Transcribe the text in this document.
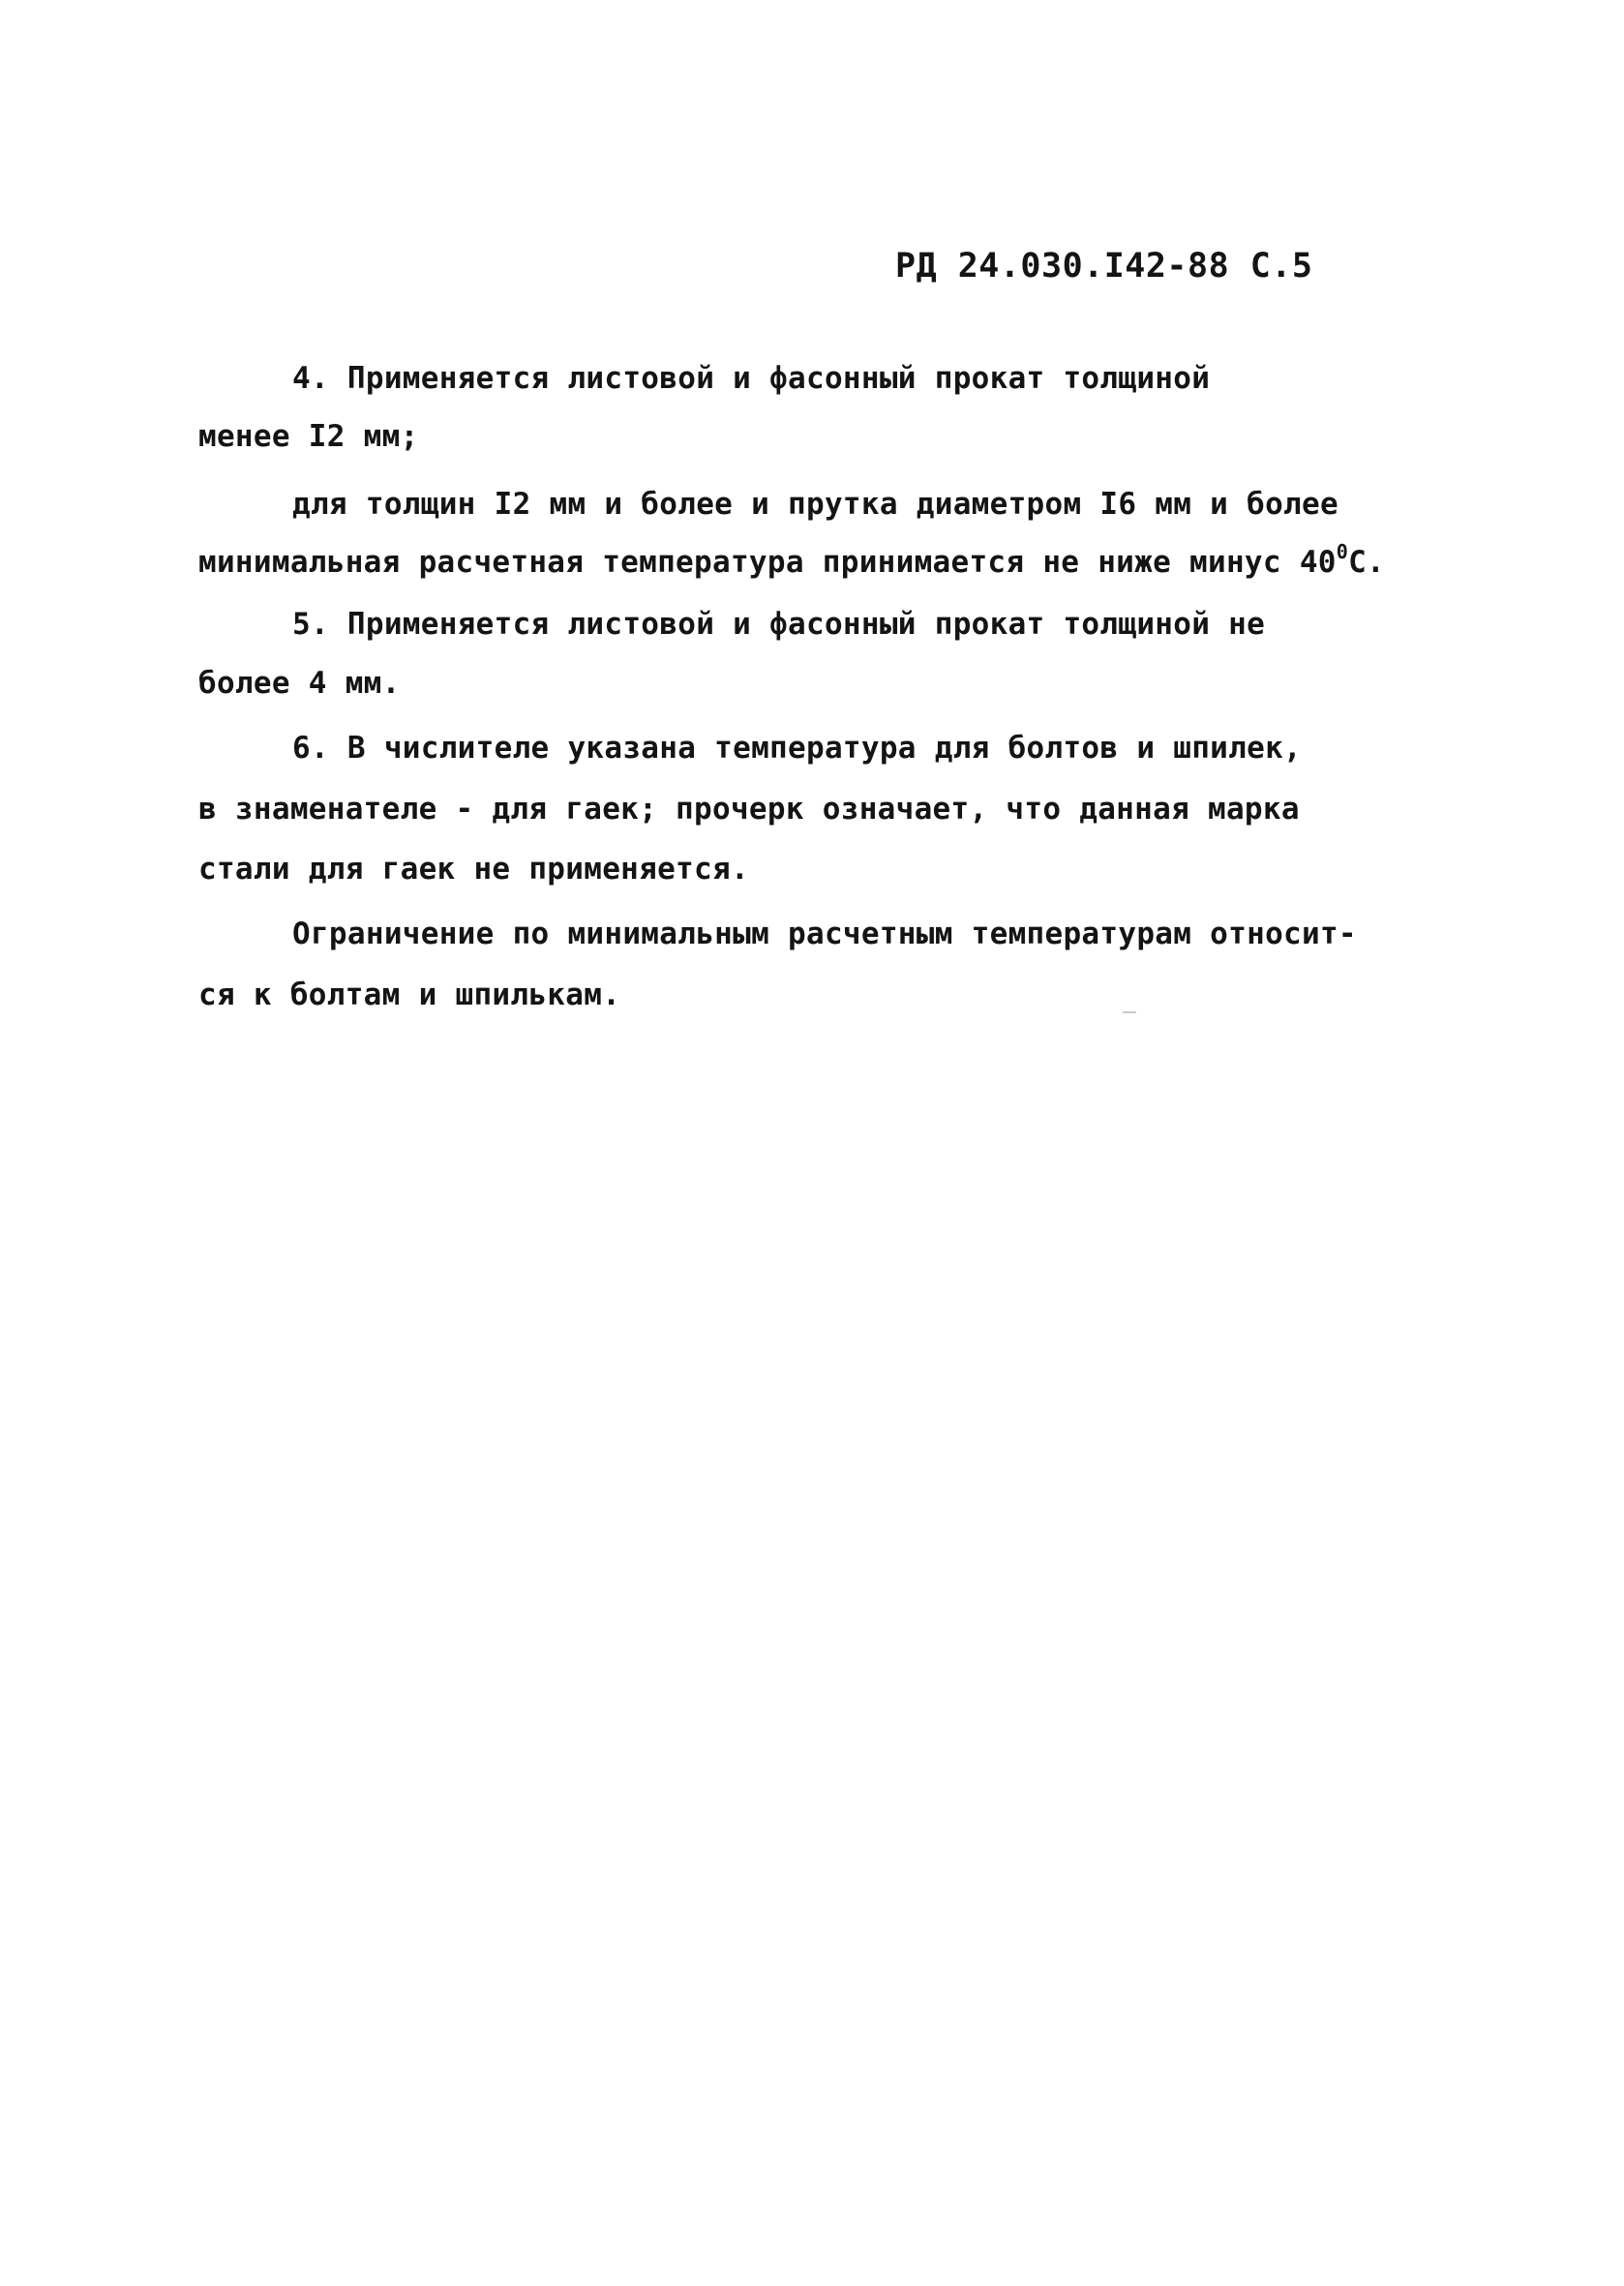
РД 24.030.I42-88 С.5
4. Применяется листовой и фасонный прокат толщиной
менее I2 мм;
для толщин I2 мм и более и прутка диаметром I6 мм и более
минимальная расчетная температура принимается не ниже минус $40^0С$.
5. Применяется листовой и фасонный прокат толщиной не
более 4 мм.
6. В числителе указана температура для болтов и шпилек,
в знаменателе - для гаек; прочерк означает, что данная марка
стали для гаек не применяется.
Ограничение по минимальным расчетным температурам относит-
ся к болтам и шпилькам.
